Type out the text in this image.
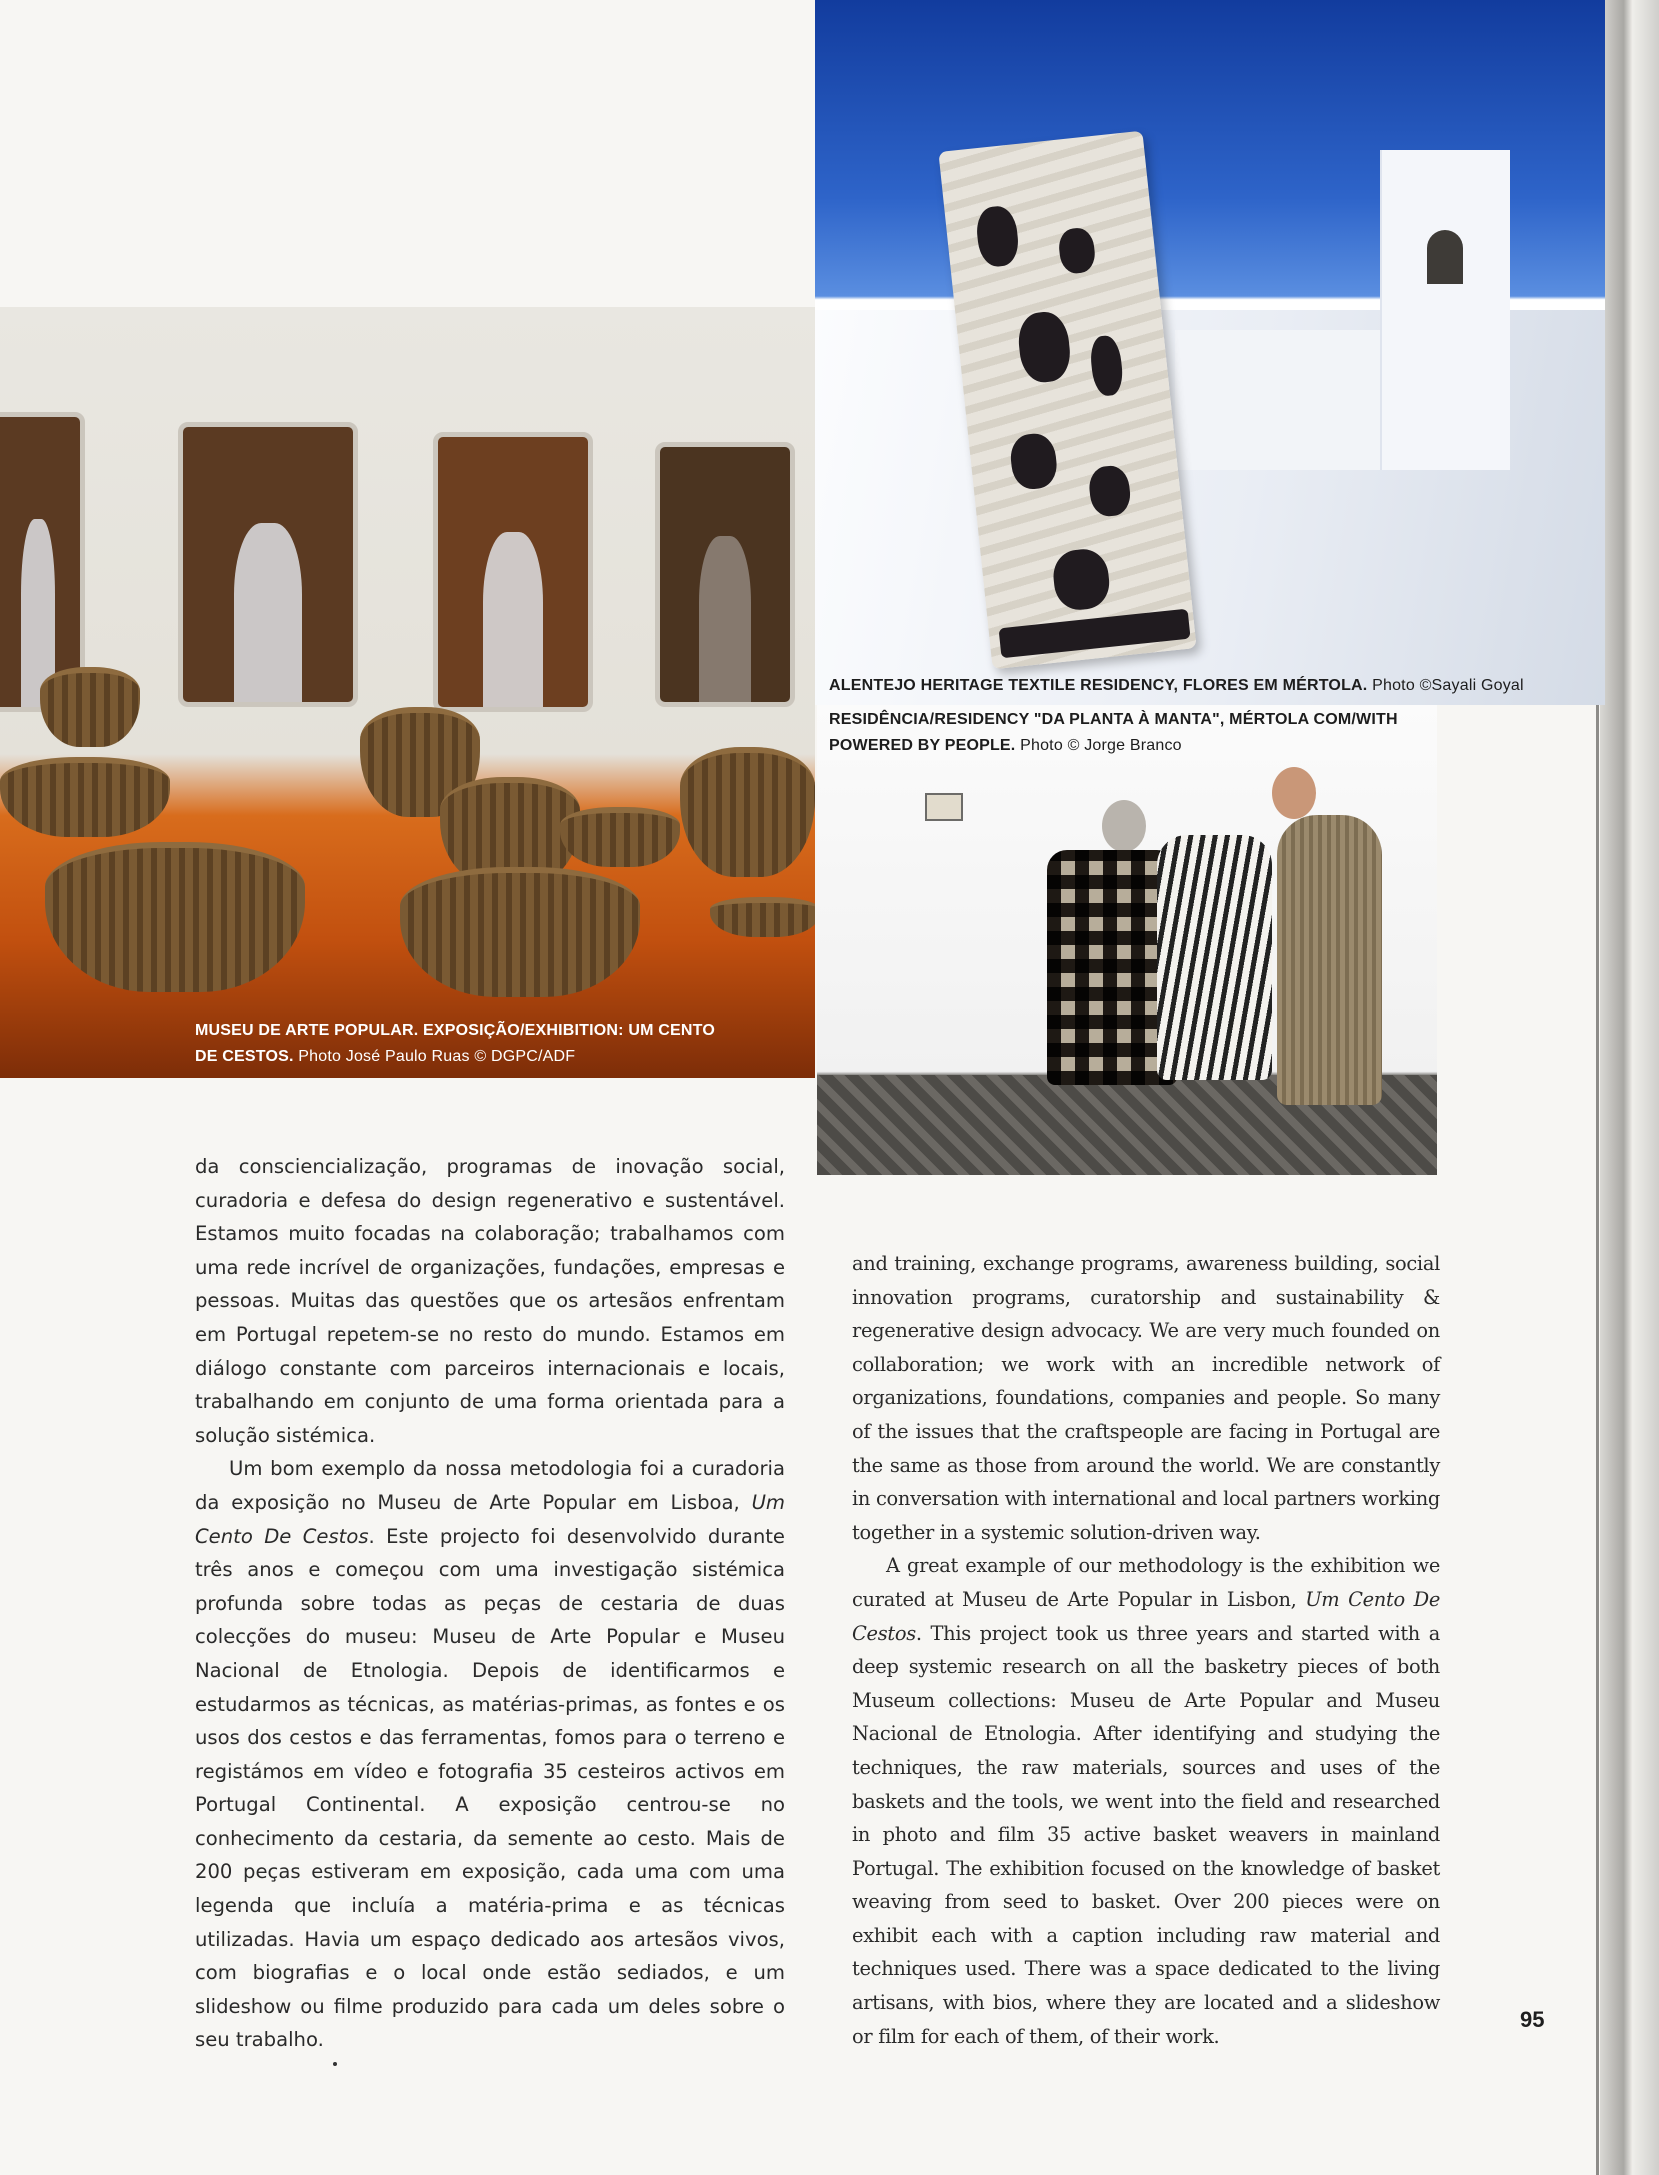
MUSEU DE ARTE POPULAR. EXPOSIÇÃO/EXHIBITION: UM CENTO DE CESTOS. Photo José Paulo Ruas © DGPC/ADF
ALENTEJO HERITAGE TEXTILE RESIDENCY, FLORES EM MÉRTOLA. Photo ©Sayali Goyal
RESIDÊNCIA/RESIDENCY "DA PLANTA À MANTA", MÉRTOLA COM/WITH POWERED BY PEOPLE. Photo © Jorge Branco

da consciencialização, programas de inovação social, curadoria e defesa do design regenerativo e sustentável. Estamos muito focadas na colaboração; trabalhamos com uma rede incrível de organizações, fundações, empresas e pessoas. Muitas das questões que os artesãos enfrentam em Portugal repetem-se no resto do mundo. Estamos em diálogo constante com parceiros internacionais e locais, trabalhando em conjunto de uma forma orientada para a solução sistémica.

Um bom exemplo da nossa metodologia foi a curadoria da exposição no Museu de Arte Popular em Lisboa, Um Cento De Cestos. Este projecto foi desenvolvido durante três anos e começou com uma investigação sistémica profunda sobre todas as peças de cestaria de duas colecções do museu: Museu de Arte Popular e Museu Nacional de Etnologia. Depois de identificarmos e estudarmos as técnicas, as matérias-primas, as fontes e os usos dos cestos e das ferramentas, fomos para o terreno e registámos em vídeo e fotografia 35 cesteiros activos em Portugal Continental. A exposição centrou-se no conhecimento da cestaria, da semente ao cesto. Mais de 200 peças estiveram em exposição, cada uma com uma legenda que incluía a matéria-prima e as técnicas utilizadas. Havia um espaço dedicado aos artesãos vivos, com biografias e o local onde estão sediados, e um slideshow ou filme produzido para cada um deles sobre o seu trabalho.

and training, exchange programs, awareness building, social innovation programs, curatorship and sustainability & regenerative design advocacy. We are very much founded on collaboration; we work with an incredible network of organizations, foundations, companies and people. So many of the issues that the craftspeople are facing in Portugal are the same as those from around the world. We are constantly in conversation with international and local partners working together in a systemic solution-driven way.

A great example of our methodology is the exhibition we curated at Museu de Arte Popular in Lisbon, Um Cento De Cestos. This project took us three years and started with a deep systemic research on all the basketry pieces of both Museum collections: Museu de Arte Popular and Museu Nacional de Etnologia. After identifying and studying the techniques, the raw materials, sources and uses of the baskets and the tools, we went into the field and researched in photo and film 35 active basket weavers in mainland Portugal. The exhibition focused on the knowledge of basket weaving from seed to basket. Over 200 pieces were on exhibit each with a caption including raw material and techniques used. There was a space dedicated to the living artisans, with bios, where they are located and a slideshow or film for each of them, of their work.

95
